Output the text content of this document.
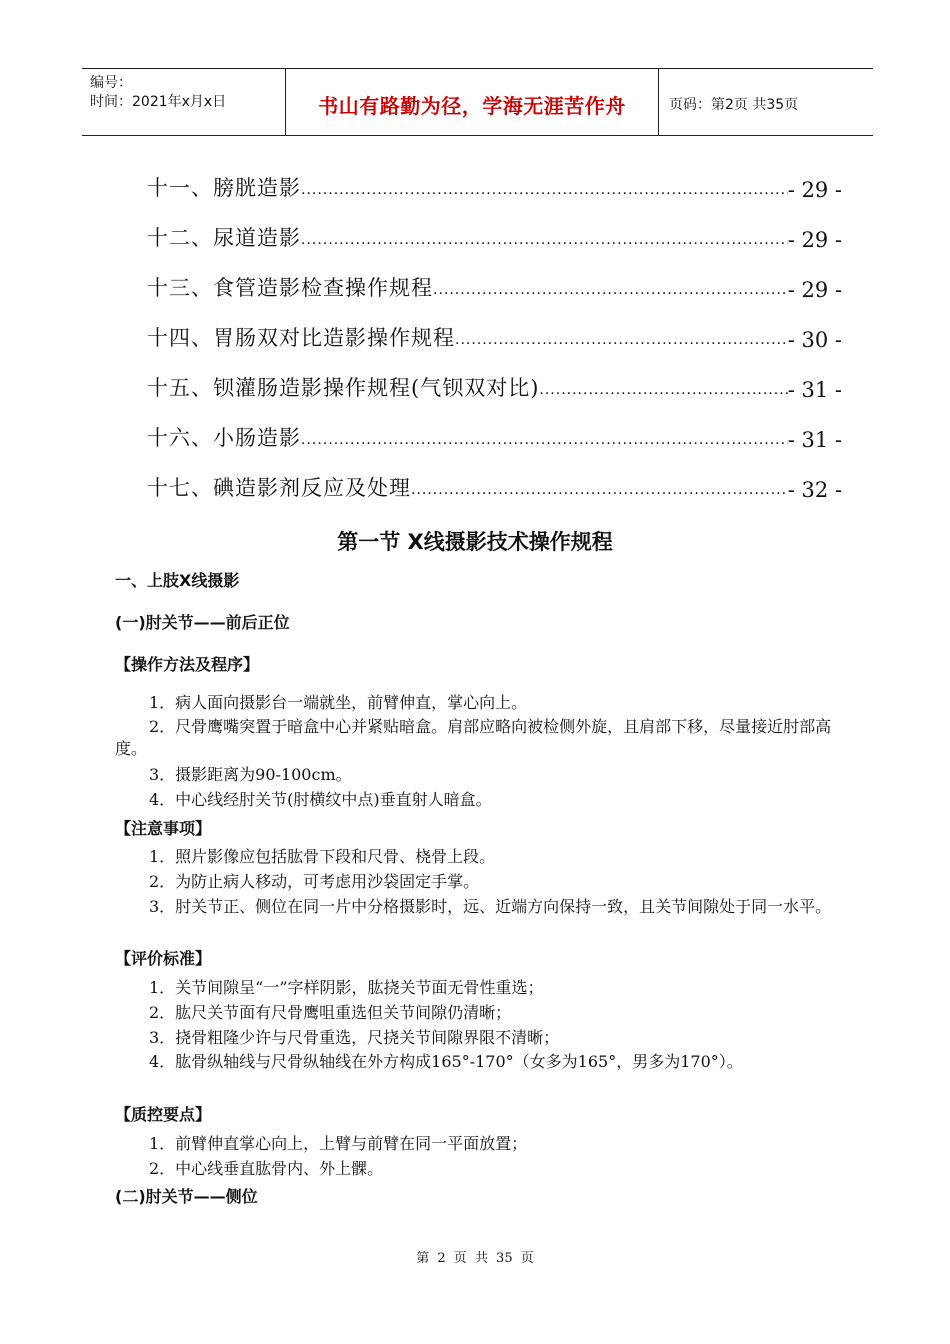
编号：
时间：2021年x月x日	书山有路勤为径，学海无涯苦作舟	页码：第2页 共35页
十一、膀胱造影 .....	- 29 -
十二、尿道造影 .....	- 29 -
十三、食管造影检查操作规程 .....	- 29 -
十四、胃肠双对比造影操作规程 .....	- 30 -
十五、钡灌肠造影操作规程(气钡双对比) .....	- 31 -
十六、小肠造影 .....	- 31 -
十七、碘造影剂反应及处理 .....	- 32 -
第一节 X线摄影技术操作规程
一、上肢X线摄影
(一)肘关节——前后正位
【操作方法及程序】
1．病人面向摄影台一端就坐，前臂伸直，掌心向上。
2．尺骨鹰嘴突置于暗盒中心并紧贴暗盒。肩部应略向被检侧外旋，且肩部下移，尽量接近肘部高度。
3．摄影距离为90-100cm。
4．中心线经肘关节(肘横纹中点)垂直射人暗盒。
【注意事项】
1．照片影像应包括肱骨下段和尺骨、桡骨上段。
2．为防止病人移动，可考虑用沙袋固定手掌。
3．肘关节正、侧位在同一片中分格摄影时，远、近端方向保持一致，且关节间隙处于同一水平。
【评价标准】
1．关节间隙呈“一”字样阴影，肱挠关节面无骨性重选；
2．肱尺关节面有尺骨鹰咀重选但关节间隙仍清晰；
3．挠骨粗隆少许与尺骨重选，尺挠关节间隙界限不清晰；
4．肱骨纵轴线与尺骨纵轴线在外方构成165°-170°（女多为165°，男多为170°）。
【质控要点】
1．前臂伸直掌心向上，上臂与前臂在同一平面放置；
2．中心线垂直肱骨内、外上髁。
(二)肘关节——侧位
第 2 页 共 35 页
